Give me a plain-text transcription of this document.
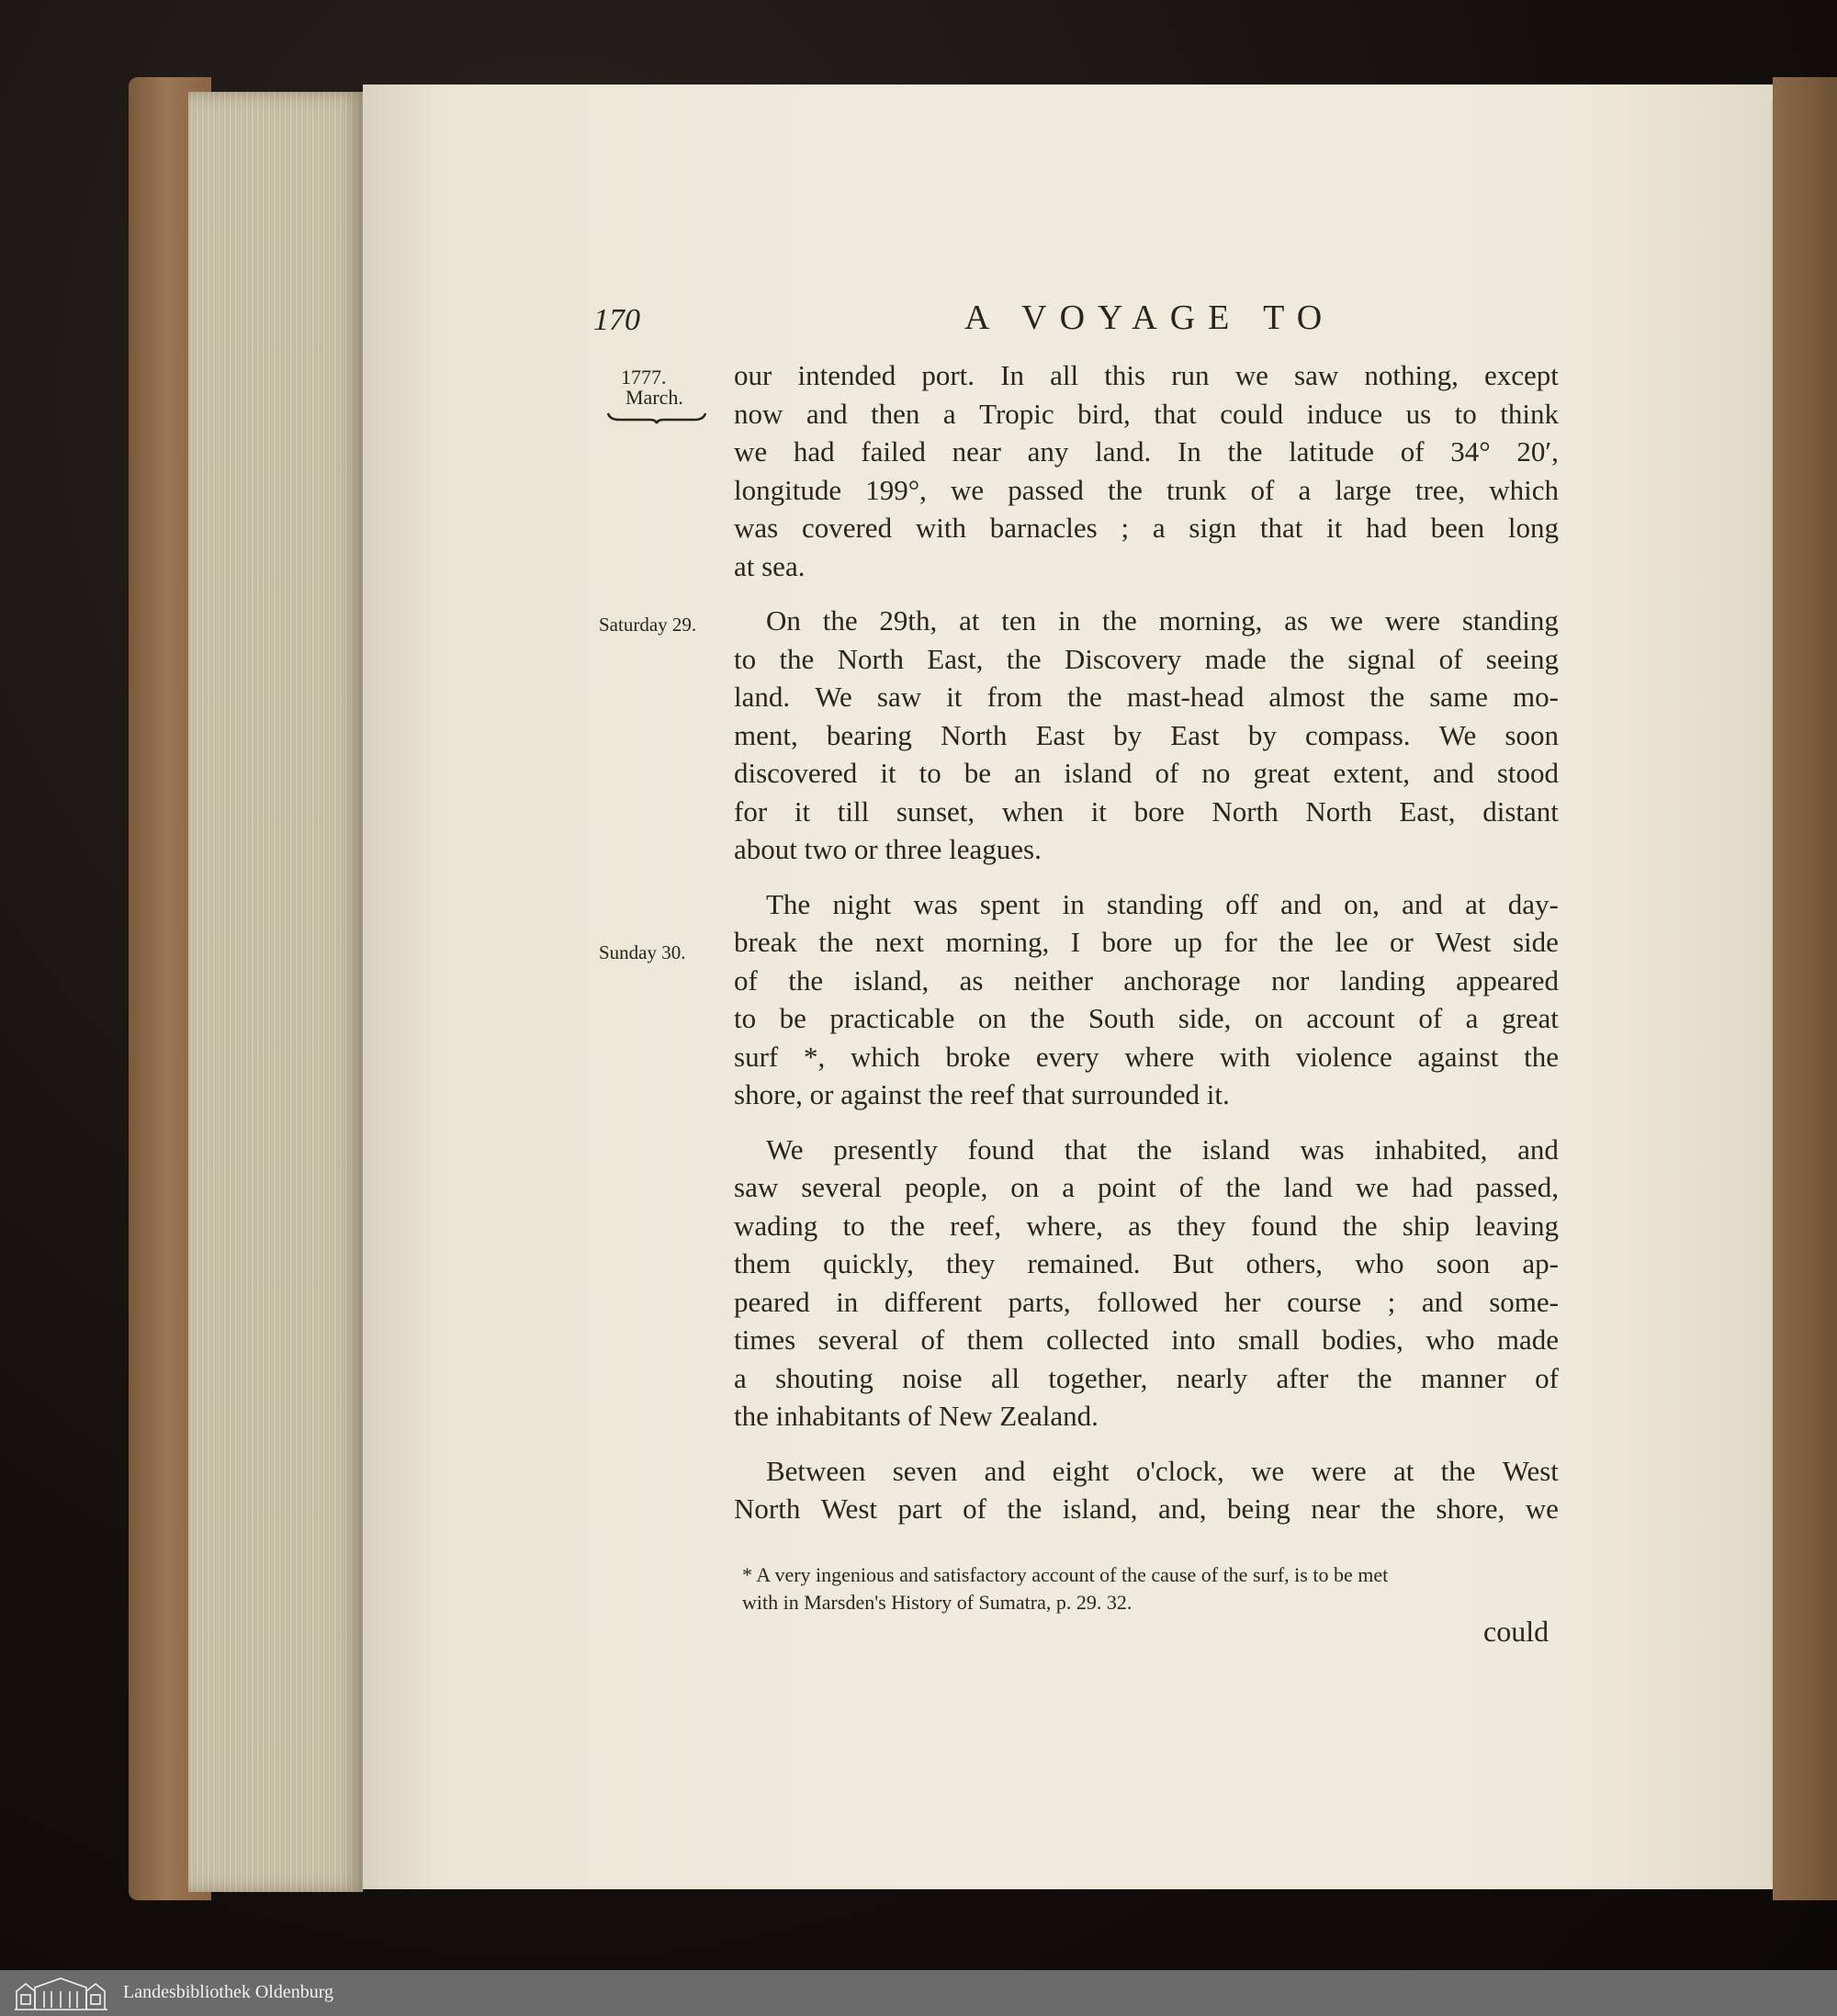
170	A VOYAGE TO
1777.
March.
Saturday 29.
Sunday 30.
our intended port. In all this run we saw nothing, except
now and then a Tropic bird, that could induce us to think
we had failed near any land. In the latitude of 34° 20′,
longitude 199°, we passed the trunk of a large tree, which
was covered with barnacles ; a sign that it had been long
at sea.
On the 29th, at ten in the morning, as we were standing
to the North East, the Discovery made the signal of seeing
land. We saw it from the mast-head almost the same mo-
ment, bearing North East by East by compass. We soon
discovered it to be an island of no great extent, and stood
for it till sunset, when it bore North North East, distant
about two or three leagues.
The night was spent in standing off and on, and at day-
break the next morning, I bore up for the lee or West side
of the island, as neither anchorage nor landing appeared
to be practicable on the South side, on account of a great
surf *, which broke every where with violence against the
shore, or against the reef that surrounded it.
We presently found that the island was inhabited, and
saw several people, on a point of the land we had passed,
wading to the reef, where, as they found the ship leaving
them quickly, they remained. But others, who soon ap-
peared in different parts, followed her course ; and some-
times several of them collected into small bodies, who made
a shouting noise all together, nearly after the manner of
the inhabitants of New Zealand.
Between seven and eight o'clock, we were at the West
North West part of the island, and, being near the shore, we
* A very ingenious and satisfactory account of the cause of the surf, is to be met
with in Marsden's History of Sumatra, p. 29. 32.
could
Landesbibliothek Oldenburg
